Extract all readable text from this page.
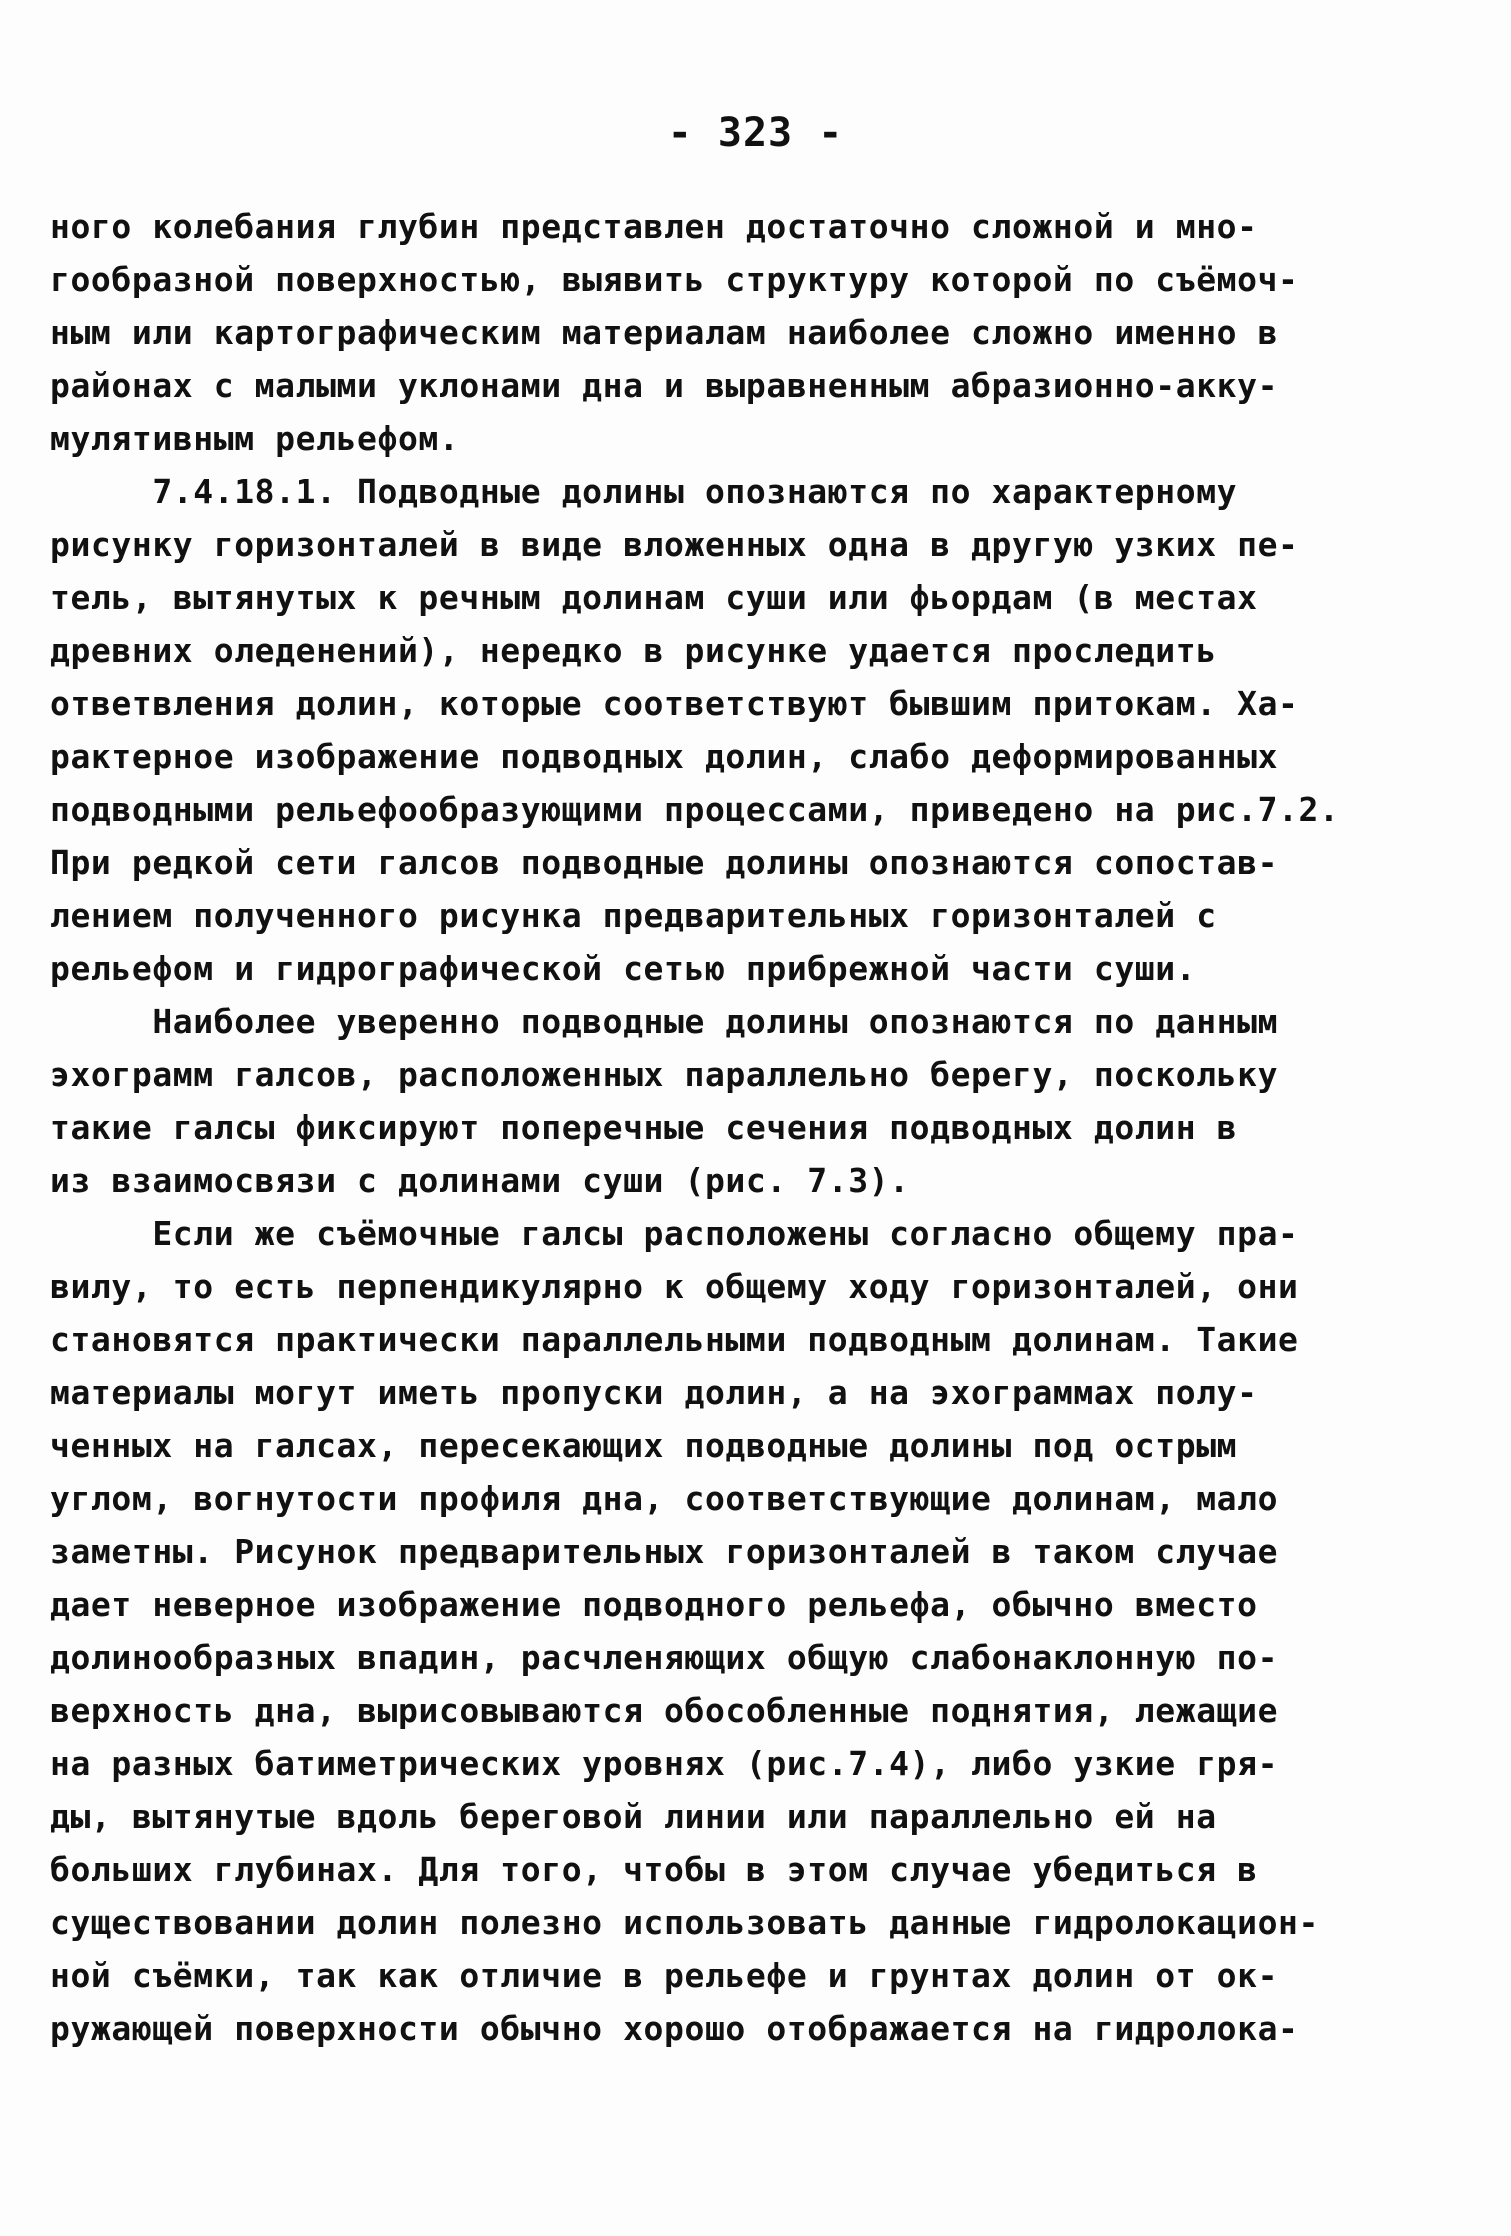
- 323 -
ного колебания глубин представлен достаточно сложной и мно-
гообразной поверхностью, выявить структуру которой по съёмоч-
ным или картографическим материалам наиболее сложно именно в
районах с малыми уклонами дна и выравненным абразионно-акку-
мулятивным рельефом.
7.4.18.1. Подводные долины опознаются по характерному
рисунку горизонталей в виде вложенных одна в другую узких пе-
тель, вытянутых к речным долинам суши или фьордам (в местах
древних оледенений), нередко в рисунке удается проследить
ответвления долин, которые соответствуют бывшим притокам. Ха-
рактерное изображение подводных долин, слабо деформированных
подводными рельефообразующими процессами, приведено на рис.7.2.
При редкой сети галсов подводные долины опознаются сопостав-
лением полученного рисунка предварительных горизонталей с
рельефом и гидрографической сетью прибрежной части суши.
Наиболее уверенно подводные долины опознаются по данным
эхограмм галсов, расположенных параллельно берегу, поскольку
такие галсы фиксируют поперечные сечения подводных долин в
из взаимосвязи с долинами суши (рис. 7.3).
Если же съёмочные галсы расположены согласно общему пра-
вилу, то есть перпендикулярно к общему ходу горизонталей, они
становятся практически параллельными подводным долинам. Такие
материалы могут иметь пропуски долин, а на эхограммах полу-
ченных на галсах, пересекающих подводные долины под острым
углом, вогнутости профиля дна, соответствующие долинам, мало
заметны. Рисунок предварительных горизонталей в таком случае
дает неверное изображение подводного рельефа, обычно вместо
долинообразных впадин, расчленяющих общую слабонаклонную по-
верхность дна, вырисовываются обособленные поднятия, лежащие
на разных батиметрических уровнях (рис.7.4), либо узкие гря-
ды, вытянутые вдоль береговой линии или параллельно ей на
больших глубинах. Для того, чтобы в этом случае убедиться в
существовании долин полезно использовать данные гидролокацион-
ной съёмки, так как отличие в рельефе и грунтах долин от ок-
ружающей поверхности обычно хорошо отображается на гидролока-
